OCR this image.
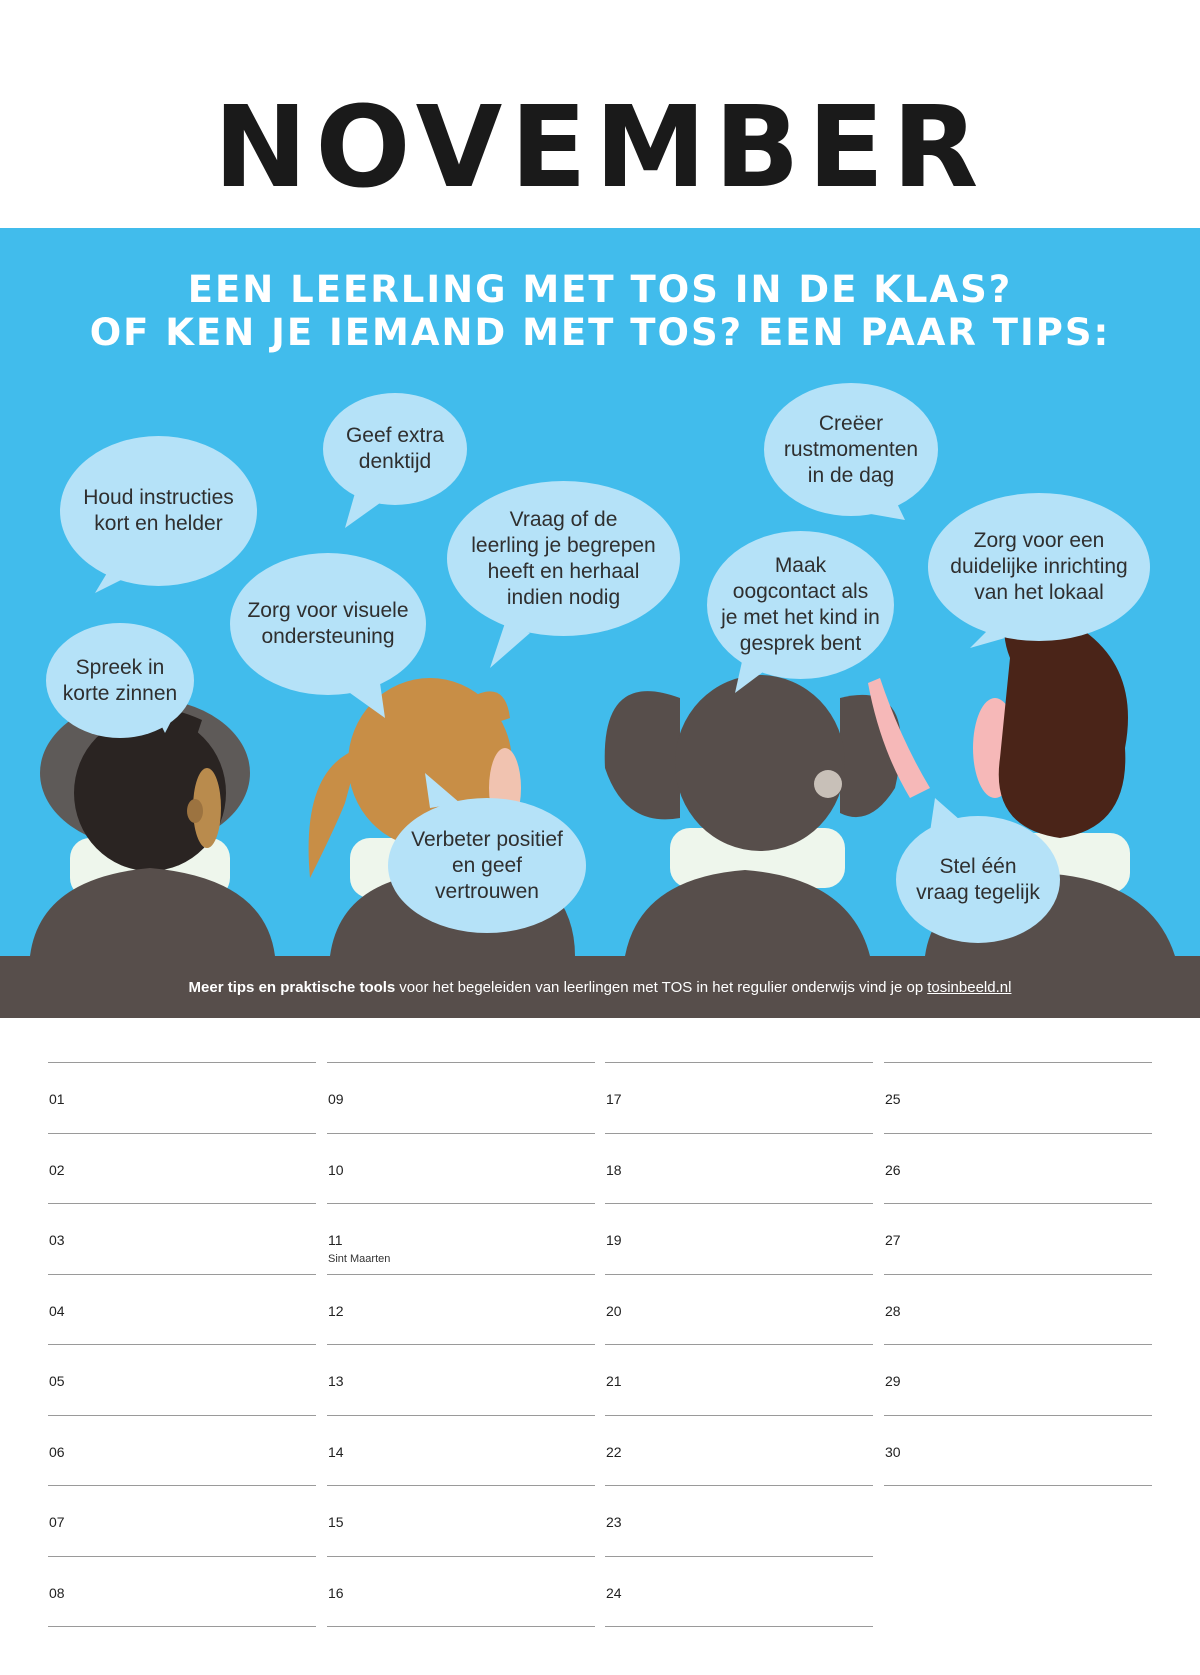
NOVEMBER
EEN LEERLING MET TOS IN DE KLAS?
OF KEN JE IEMAND MET TOS? EEN PAAR TIPS:
Houd instructies
kort en helder
Geef extra
denktijd
Creëer
rustmomenten
in de dag
Vraag of de
leerling je begrepen
heeft en herhaal
indien nodig
Zorg voor visuele
ondersteuning
Maak
oogcontact als
je met het kind in
gesprek bent
Zorg voor een
duidelijke inrichting
van het lokaal
Spreek in
korte zinnen
Verbeter positief
en geef
vertrouwen
Stel één
vraag tegelijk
Meer tips en praktische tools voor het begeleiden van leerlingen met TOS in het regulier onderwijs vind je op tosinbeeld.nl
01
02
03
04
05
06
07
08
09
10
11
Sint Maarten
12
13
14
15
16
17
18
19
20
21
22
23
24
25
26
27
28
29
30
